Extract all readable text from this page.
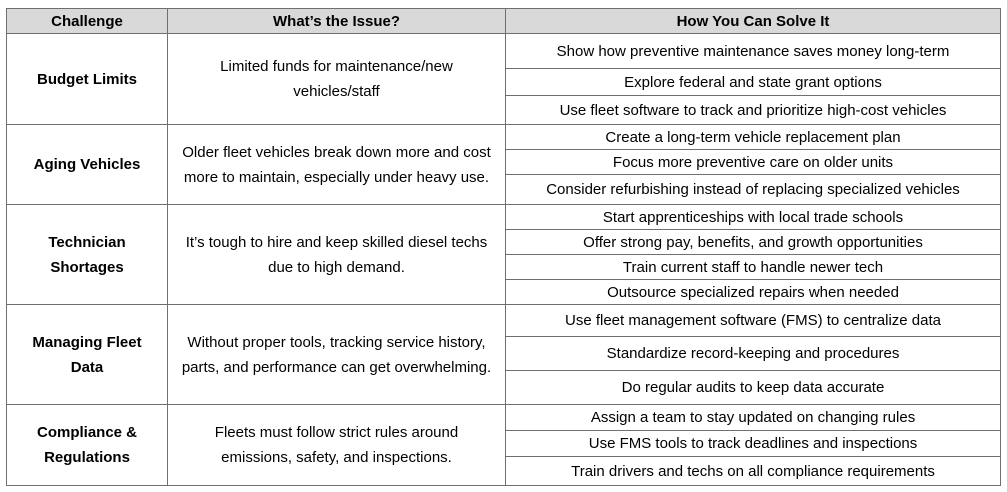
Challenge	What’s the Issue?	How You Can Solve It
Budget Limits
Limited funds for maintenance/new vehicles/staff
Show how preventive maintenance saves money long-term
Explore federal and state grant options
Use fleet software to track and prioritize high-cost vehicles
Aging Vehicles
Older fleet vehicles break down more and cost more to maintain, especially under heavy use.
Create a long-term vehicle replacement plan
Focus more preventive care on older units
Consider refurbishing instead of replacing specialized vehicles
Technician Shortages
It’s tough to hire and keep skilled diesel techs due to high demand.
Start apprenticeships with local trade schools
Offer strong pay, benefits, and growth opportunities
Train current staff to handle newer tech
Outsource specialized repairs when needed
Managing Fleet Data
Without proper tools, tracking service history, parts, and performance can get overwhelming.
Use fleet management software (FMS) to centralize data
Standardize record-keeping and procedures
Do regular audits to keep data accurate
Compliance & Regulations
Fleets must follow strict rules around emissions, safety, and inspections.
Assign a team to stay updated on changing rules
Use FMS tools to track deadlines and inspections
Train drivers and techs on all compliance requirements
